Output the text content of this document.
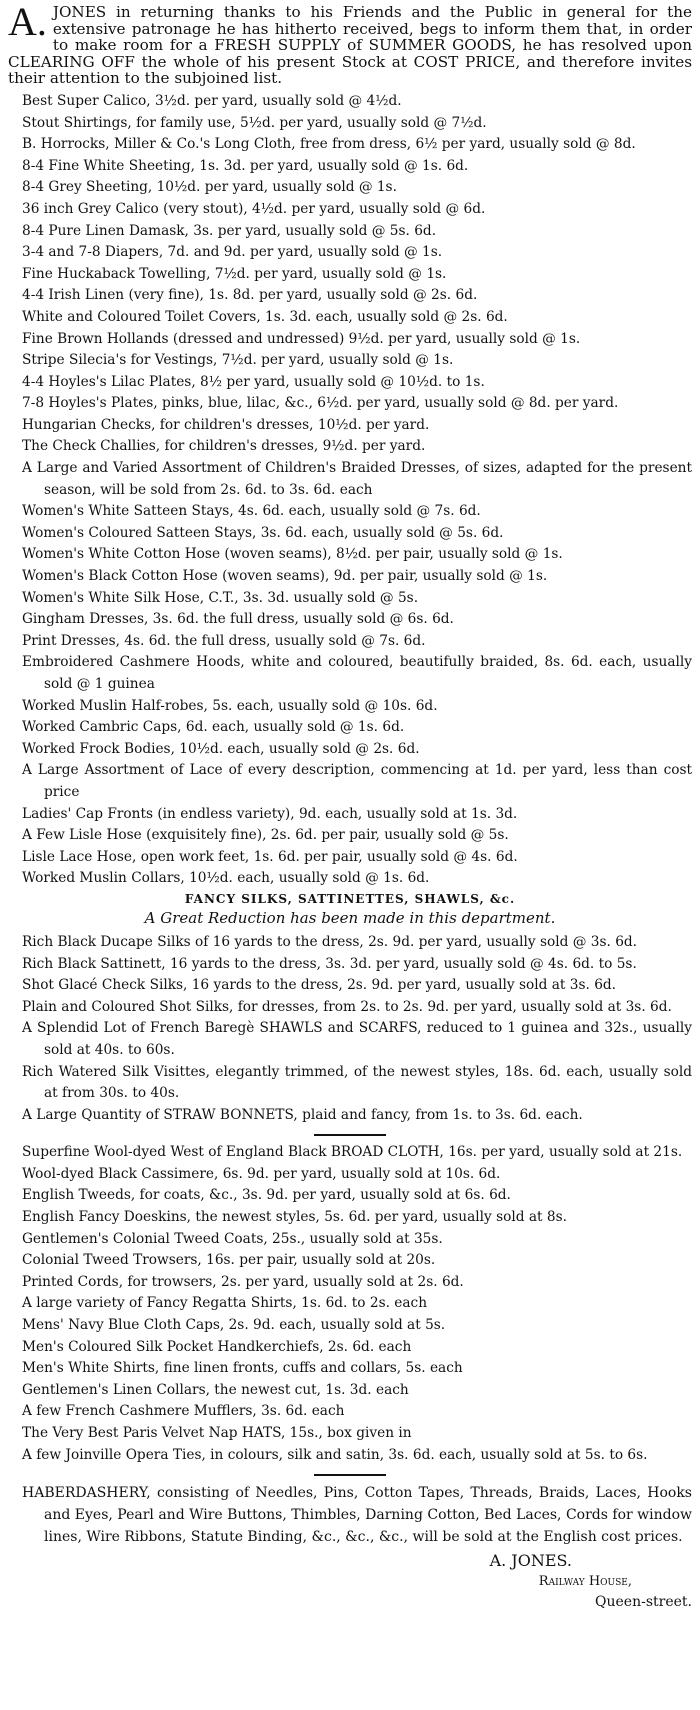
A. JONES in returning thanks to his Friends and the Public in general for the extensive patronage he has hitherto received, begs to inform them that, in order to make room for a FRESH SUPPLY of SUMMER GOODS, he has resolved upon CLEARING OFF the whole of his present Stock at COST PRICE, and therefore invites their attention to the subjoined list.
Best Super Calico, 3½d. per yard, usually sold @ 4½d.
Stout Shirtings, for family use, 5½d. per yard, usually sold @ 7½d.
B. Horrocks, Miller & Co.'s Long Cloth, free from dress, 6½ per yard, usually sold @ 8d.
8-4 Fine White Sheeting, 1s. 3d. per yard, usually sold @ 1s. 6d.
8-4 Grey Sheeting, 10½d. per yard, usually sold @ 1s.
36 inch Grey Calico (very stout), 4½d. per yard, usually sold @ 6d.
8-4 Pure Linen Damask, 3s. per yard, usually sold @ 5s. 6d.
3-4 and 7-8 Diapers, 7d. and 9d. per yard, usually sold @ 1s.
Fine Huckaback Towelling, 7½d. per yard, usually sold @ 1s.
4-4 Irish Linen (very fine), 1s. 8d. per yard, usually sold @ 2s. 6d.
White and Coloured Toilet Covers, 1s. 3d. each, usually sold @ 2s. 6d.
Fine Brown Hollands (dressed and undressed) 9½d. per yard, usually sold @ 1s.
Stripe Silecia's for Vestings, 7½d. per yard, usually sold @ 1s.
4-4 Hoyles's Lilac Plates, 8½ per yard, usually sold @ 10½d. to 1s.
7-8 Hoyles's Plates, pinks, blue, lilac, &c., 6½d. per yard, usually sold @ 8d. per yard.
Hungarian Checks, for children's dresses, 10½d. per yard.
The Check Challies, for children's dresses, 9½d. per yard.
A Large and Varied Assortment of Children's Braided Dresses, of sizes, adapted for the present season, will be sold from 2s. 6d. to 3s. 6d. each
Women's White Satteen Stays, 4s. 6d. each, usually sold @ 7s. 6d.
Women's Coloured Satteen Stays, 3s. 6d. each, usually sold @ 5s. 6d.
Women's White Cotton Hose (woven seams), 8½d. per pair, usually sold @ 1s.
Women's Black Cotton Hose (woven seams), 9d. per pair, usually sold @ 1s.
Women's White Silk Hose, C.T., 3s. 3d. usually sold @ 5s.
Gingham Dresses, 3s. 6d. the full dress, usually sold @ 6s. 6d.
Print Dresses, 4s. 6d. the full dress, usually sold @ 7s. 6d.
Embroidered Cashmere Hoods, white and coloured, beautifully braided, 8s. 6d. each, usually sold @ 1 guinea
Worked Muslin Half-robes, 5s. each, usually sold @ 10s. 6d.
Worked Cambric Caps, 6d. each, usually sold @ 1s. 6d.
Worked Frock Bodies, 10½d. each, usually sold @ 2s. 6d.
A Large Assortment of Lace of every description, commencing at 1d. per yard, less than cost price
Ladies' Cap Fronts (in endless variety), 9d. each, usually sold at 1s. 3d.
A Few Lisle Hose (exquisitely fine), 2s. 6d. per pair, usually sold @ 5s.
Lisle Lace Hose, open work feet, 1s. 6d. per pair, usually sold @ 4s. 6d.
Worked Muslin Collars, 10½d. each, usually sold @ 1s. 6d.
FANCY SILKS, SATTINETTES, SHAWLS, &c.
A Great Reduction has been made in this department.
Rich Black Ducape Silks of 16 yards to the dress, 2s. 9d. per yard, usually sold @ 3s. 6d.
Rich Black Sattinett, 16 yards to the dress, 3s. 3d. per yard, usually sold @ 4s. 6d. to 5s.
Shot Glacé Check Silks, 16 yards to the dress, 2s. 9d. per yard, usually sold at 3s. 6d.
Plain and Coloured Shot Silks, for dresses, from 2s. to 2s. 9d. per yard, usually sold at 3s. 6d.
A Splendid Lot of French Baregè SHAWLS and SCARFS, reduced to 1 guinea and 32s., usually sold at 40s. to 60s.
Rich Watered Silk Visittes, elegantly trimmed, of the newest styles, 18s. 6d. each, usually sold at from 30s. to 40s.
A Large Quantity of STRAW BONNETS, plaid and fancy, from 1s. to 3s. 6d. each.
Superfine Wool-dyed West of England Black BROAD CLOTH, 16s. per yard, usually sold at 21s.
Wool-dyed Black Cassimere, 6s. 9d. per yard, usually sold at 10s. 6d.
English Tweeds, for coats, &c., 3s. 9d. per yard, usually sold at 6s. 6d.
English Fancy Doeskins, the newest styles, 5s. 6d. per yard, usually sold at 8s.
Gentlemen's Colonial Tweed Coats, 25s., usually sold at 35s.
Colonial Tweed Trowsers, 16s. per pair, usually sold at 20s.
Printed Cords, for trowsers, 2s. per yard, usually sold at 2s. 6d.
A large variety of Fancy Regatta Shirts, 1s. 6d. to 2s. each
Mens' Navy Blue Cloth Caps, 2s. 9d. each, usually sold at 5s.
Men's Coloured Silk Pocket Handkerchiefs, 2s. 6d. each
Men's White Shirts, fine linen fronts, cuffs and collars, 5s. each
Gentlemen's Linen Collars, the newest cut, 1s. 3d. each
A few French Cashmere Mufflers, 3s. 6d. each
The Very Best Paris Velvet Nap HATS, 15s., box given in
A few Joinville Opera Ties, in colours, silk and satin, 3s. 6d. each, usually sold at 5s. to 6s.
HABERDASHERY, consisting of Needles, Pins, Cotton Tapes, Threads, Braids, Laces, Hooks and Eyes, Pearl and Wire Buttons, Thimbles, Darning Cotton, Bed Laces, Cords for window lines, Wire Ribbons, Statute Binding, &c., &c., &c., will be sold at the English cost prices.
A. JONES.
Railway House,
Queen-street.
